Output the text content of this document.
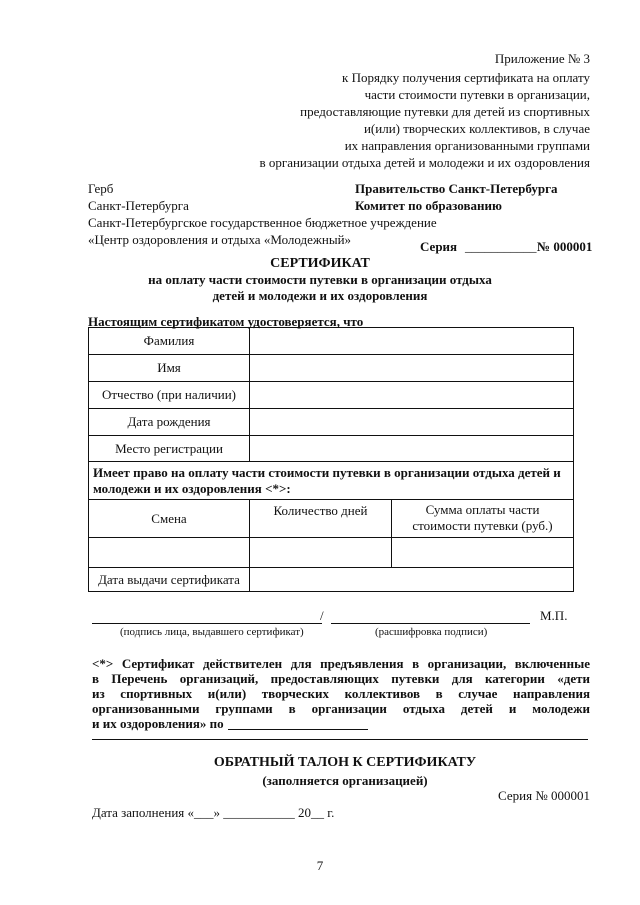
Приложение № 3
к Порядку получения сертификата на оплату
части стоимости путевки в организации,
предоставляющие путевки для детей из спортивных
и(или) творческих коллективов, в случае
их направления организованными группами
в организации отдыха детей и молодежи и их оздоровления
Герб
Санкт-Петербурга
Санкт-Петербургское государственное бюджетное учреждение
«Центр оздоровления и отдыха «Молодежный»
Правительство Санкт-Петербурга
Комитет по образованию
Серия ___________ № 000001
СЕРТИФИКАТ
на оплату части стоимости путевки в организации отдыха
детей и молодежи и их оздоровления
Настоящим сертификатом удостоверяется, что
Фамилия		
Имя		
Отчество (при наличии)		
Дата рождения		
Место регистрации		
Имеет право на оплату части стоимости путевки в организации отдыха детей и молодежи и их оздоровления <*>:		
Смена	Количество дней	Сумма оплаты части стоимости путевки (руб.)

Дата выдачи сертификата		
/	М.П.
(подпись лица, выдавшего сертификат)	(расшифровка подписи)
<*> Сертификат действителен для предъявления в организации, включенные
в Перечень организаций, предоставляющих путевки для категории «дети
из спортивных и(или) творческих коллективов в случае направления
организованными группами в организации отдыха детей и молодежи
и их оздоровления» по
ОБРАТНЫЙ ТАЛОН К СЕРТИФИКАТУ
(заполняется организацией)
Серия № 000001
Дата заполнения «___» ___________ 20__ г.
7
